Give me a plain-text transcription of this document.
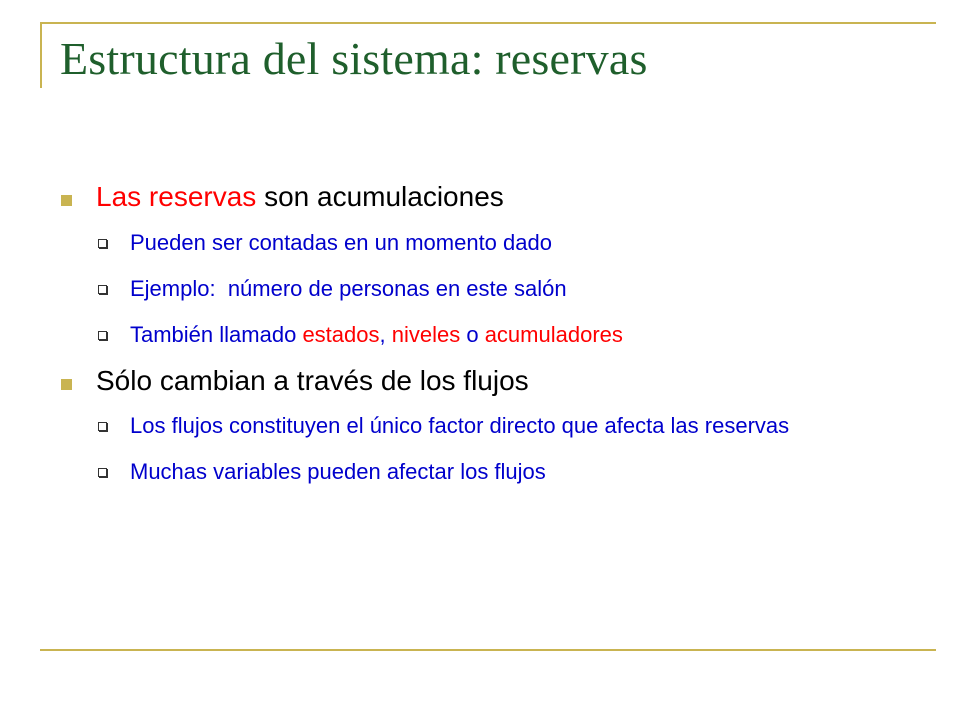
Estructura del sistema: reservas

Las reservas son acumulaciones

Pueden ser contadas en un momento dado

Ejemplo:  número de personas en este salón

También llamado estados, niveles o acumuladores

Sólo cambian a través de los flujos

Los flujos constituyen el único factor directo que afecta las reservas

Muchas variables pueden afectar los flujos
